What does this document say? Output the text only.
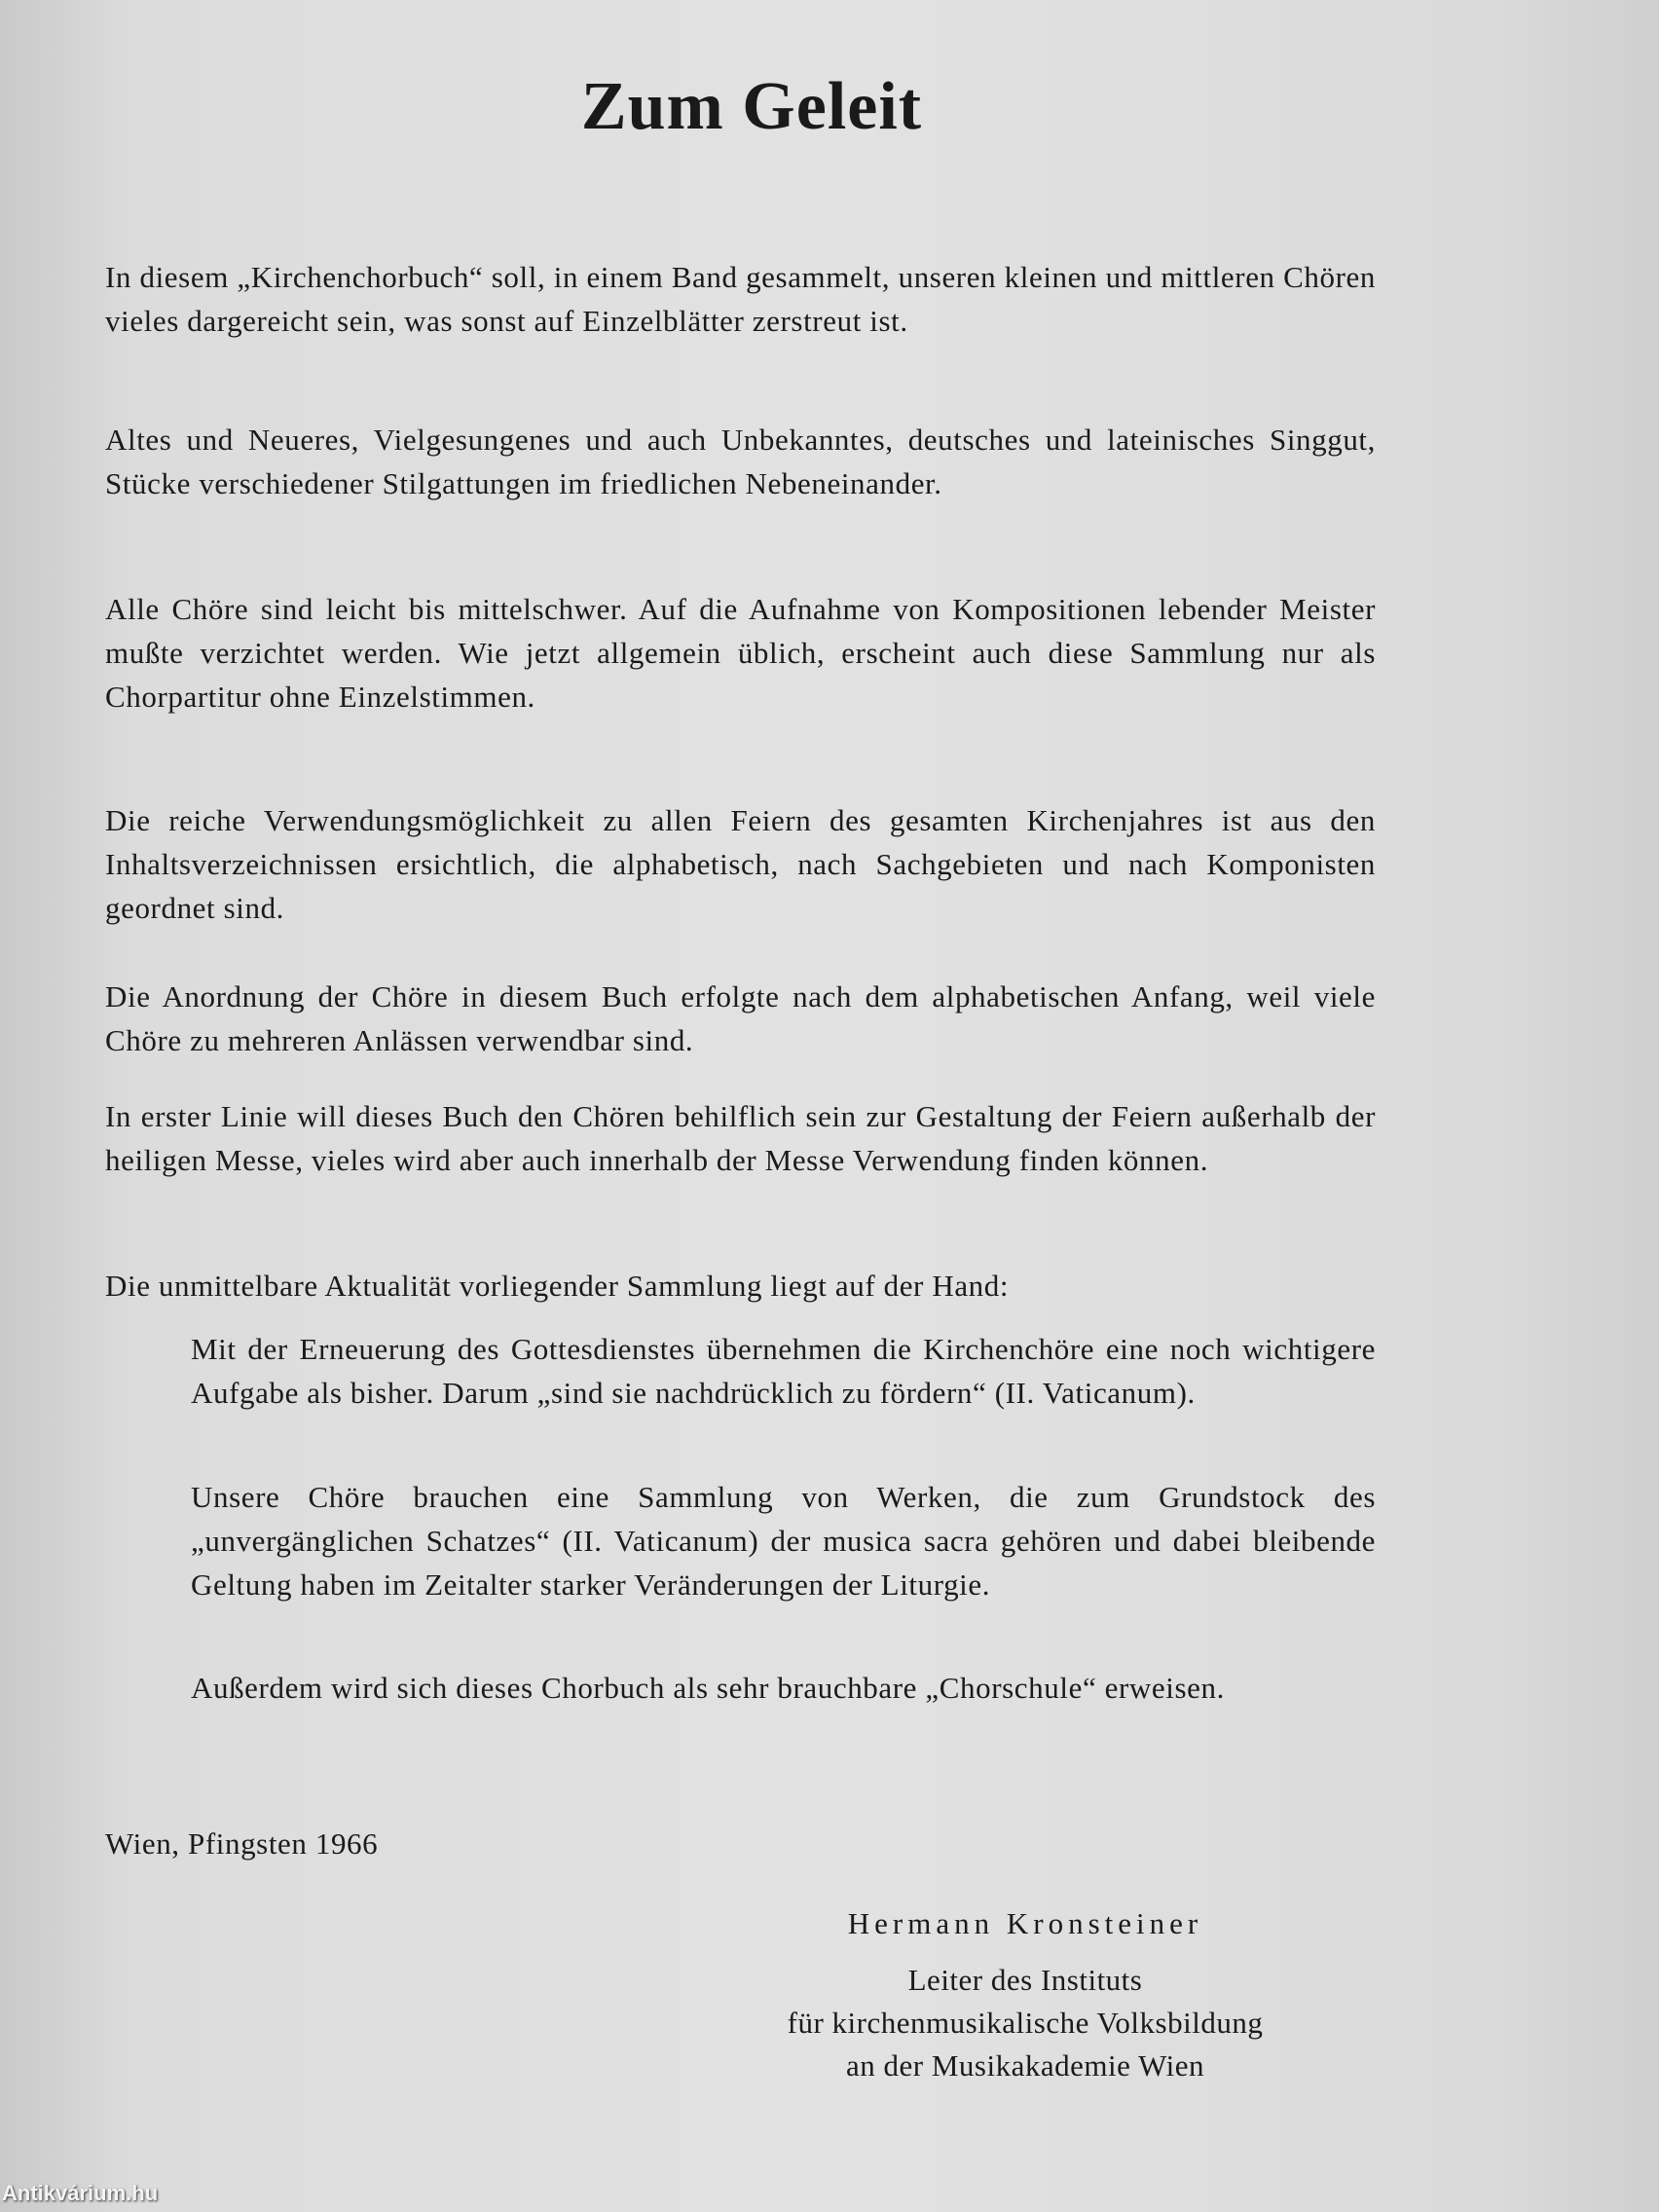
Zum Geleit
In diesem „Kirchenchorbuch“ soll, in einem Band gesammelt, unseren kleinen und mittleren Chören vieles dargereicht sein, was sonst auf Einzelblätter zerstreut ist.
Altes und Neueres, Vielgesungenes und auch Unbekanntes, deutsches und lateinisches Singgut, Stücke verschiedener Stilgattungen im friedlichen Nebeneinander.
Alle Chöre sind leicht bis mittelschwer. Auf die Aufnahme von Kompositionen lebender Meister mußte verzichtet werden. Wie jetzt allgemein üblich, erscheint auch diese Sammlung nur als Chorpartitur ohne Einzelstimmen.
Die reiche Verwendungsmöglichkeit zu allen Feiern des gesamten Kirchenjahres ist aus den Inhaltsverzeichnissen ersichtlich, die alphabetisch, nach Sachgebieten und nach Komponisten geordnet sind.
Die Anordnung der Chöre in diesem Buch erfolgte nach dem alphabetischen Anfang, weil viele Chöre zu mehreren Anlässen verwendbar sind.
In erster Linie will dieses Buch den Chören behilflich sein zur Gestaltung der Feiern außerhalb der heiligen Messe, vieles wird aber auch innerhalb der Messe Verwendung finden können.
Die unmittelbare Aktualität vorliegender Sammlung liegt auf der Hand:
Mit der Erneuerung des Gottesdienstes übernehmen die Kirchenchöre eine noch wichtigere Aufgabe als bisher. Darum „sind sie nachdrücklich zu fördern“ (II. Vaticanum).
Unsere Chöre brauchen eine Sammlung von Werken, die zum Grundstock des „unvergänglichen Schatzes“ (II. Vaticanum) der musica sacra gehören und dabei bleibende Geltung haben im Zeitalter starker Veränderungen der Liturgie.
Außerdem wird sich dieses Chorbuch als sehr brauchbare „Chorschule“ erweisen.
Wien, Pfingsten 1966
Hermann Kronsteiner
Leiter des Instituts
für kirchenmusikalische Volksbildung
an der Musikakademie Wien
Antikvárium.hu
